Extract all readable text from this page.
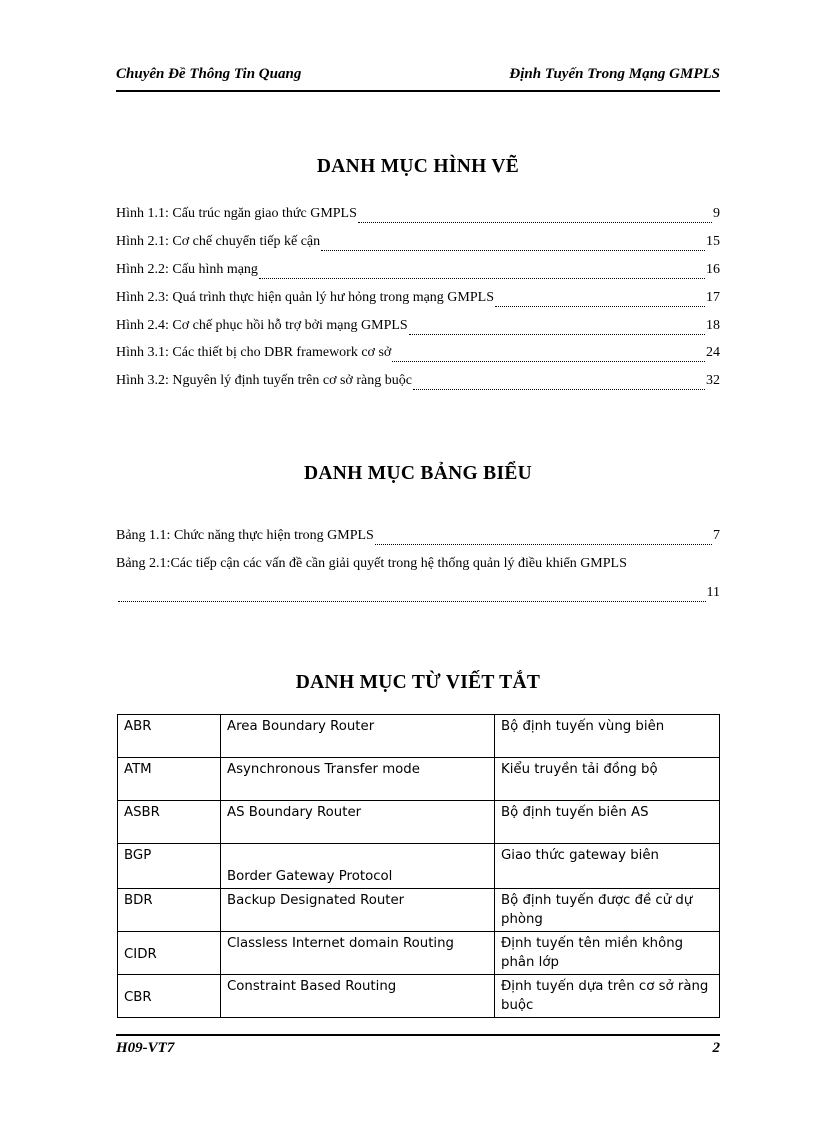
Chuyên Đề Thông Tin Quang	Định Tuyến Trong Mạng GMPLS
DANH MỤC HÌNH VẼ
Hình 1.1: Cấu trúc ngăn giao thức GMPLS	9
Hình 2.1: Cơ chế chuyển tiếp kế cận	15
Hình 2.2: Cấu hình mạng	16
Hình 2.3: Quá trình thực hiện quản lý hư hỏng trong mạng GMPLS	17
Hình 2.4: Cơ chế phục hồi hỗ trợ bởi mạng GMPLS	18
Hình 3.1: Các thiết bị cho DBR framework cơ sở	24
Hình 3.2: Nguyên lý định tuyến trên cơ sở ràng buộc	32
DANH MỤC BẢNG BIỂU
Bảng 1.1: Chức năng thực hiện trong GMPLS	7
Bảng 2.1:Các tiếp cận các vấn đề cần giải quyết trong hệ thống quản lý điều khiển GMPLS
11
DANH MỤC TỪ VIẾT TẮT
ABR	Area Boundary Router	Bộ định tuyến vùng biên
ATM	Asynchronous Transfer mode	Kiểu truyền tải đồng bộ
ASBR	AS Boundary Router	Bộ định tuyến biên AS
BGP	Border Gateway Protocol	Giao thức gateway biên
BDR	Backup Designated Router	Bộ định tuyến được đề cử dự phòng
CIDR	Classless Internet domain Routing	Định tuyến tên miền không phân lớp
CBR	Constraint Based Routing	Định tuyến dựa trên cơ sở ràng buộc
H09-VT7	2
